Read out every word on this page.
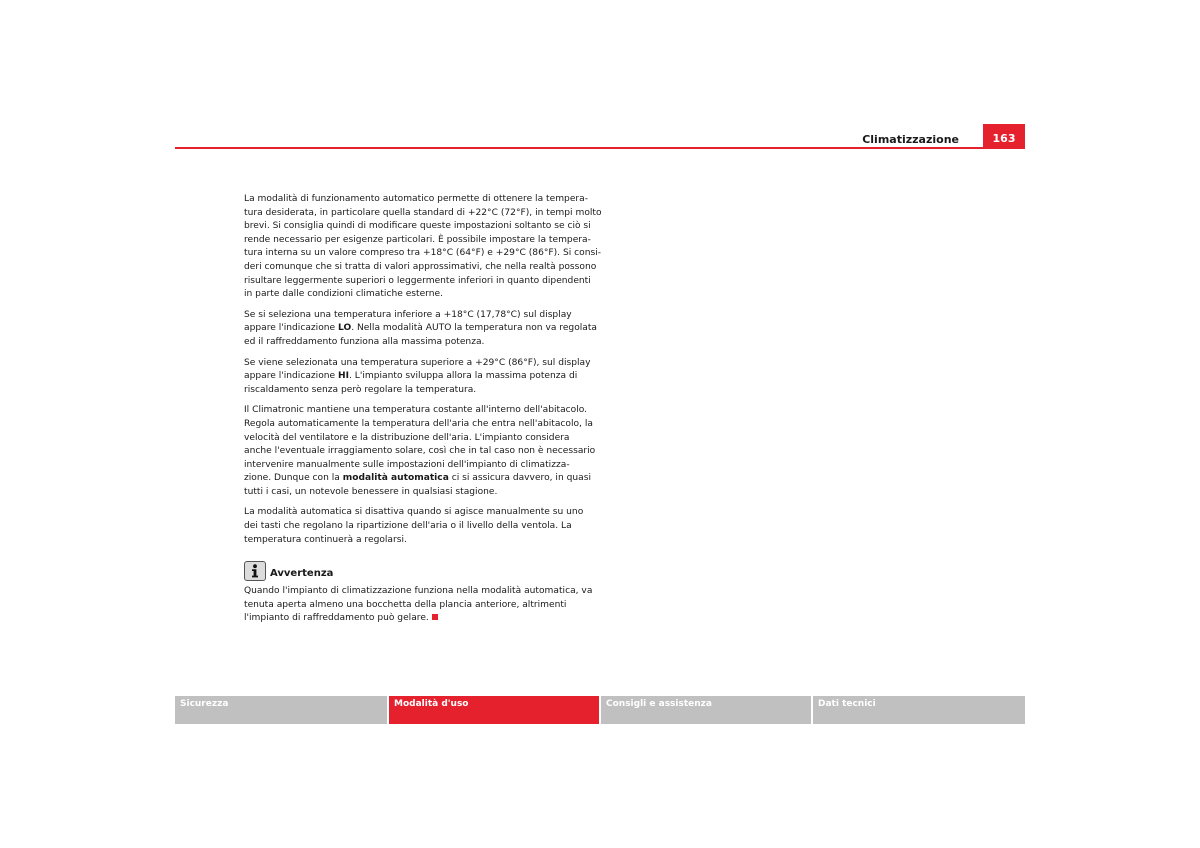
Climatizzazione	163

La modalità di funzionamento automatico permette di ottenere la tempera-
tura desiderata, in particolare quella standard di +22°C (72°F), in tempi molto
brevi. Si consiglia quindi di modificare queste impostazioni soltanto se ciò si
rende necessario per esigenze particolari. È possibile impostare la tempera-
tura interna su un valore compreso tra +18°C (64°F) e +29°C (86°F). Si consi-
deri comunque che si tratta di valori approssimativi, che nella realtà possono
risultare leggermente superiori o leggermente inferiori in quanto dipendenti
in parte dalle condizioni climatiche esterne.

Se si seleziona una temperatura inferiore a +18°C (17,78°C) sul display
appare l'indicazione LO. Nella modalità AUTO la temperatura non va regolata
ed il raffreddamento funziona alla massima potenza.

Se viene selezionata una temperatura superiore a +29°C (86°F), sul display
appare l'indicazione HI. L'impianto sviluppa allora la massima potenza di
riscaldamento senza però regolare la temperatura.

Il Climatronic mantiene una temperatura costante all'interno dell'abitacolo.
Regola automaticamente la temperatura dell'aria che entra nell'abitacolo, la
velocità del ventilatore e la distribuzione dell'aria. L'impianto considera
anche l'eventuale irraggiamento solare, così che in tal caso non è necessario
intervenire manualmente sulle impostazioni dell'impianto di climatizza-
zione. Dunque con la modalità automatica ci si assicura davvero, in quasi
tutti i casi, un notevole benessere in qualsiasi stagione.

La modalità automatica si disattiva quando si agisce manualmente su uno
dei tasti che regolano la ripartizione dell'aria o il livello della ventola. La
temperatura continuerà a regolarsi.

Avvertenza
Quando l'impianto di climatizzazione funziona nella modalità automatica, va
tenuta aperta almeno una bocchetta della plancia anteriore, altrimenti
l'impianto di raffreddamento può gelare.
Sicurezza	Modalità d'uso	Consigli e assistenza	Dati tecnici
